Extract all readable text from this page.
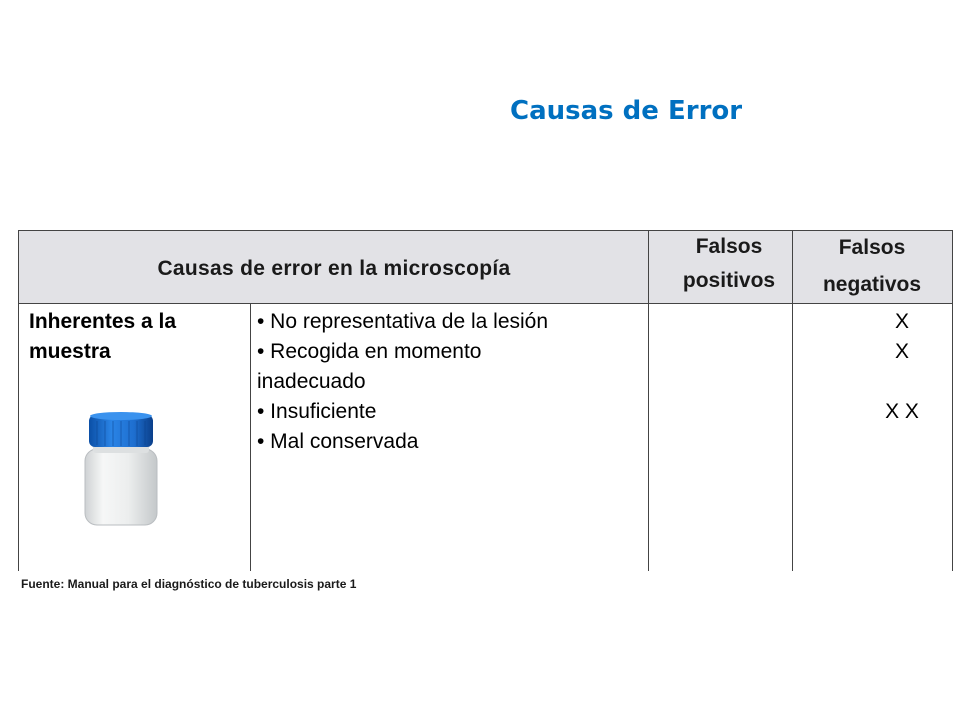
Causas de Error
Causas de error en la microscopía
Falsos
positivos
Falsos
negativos
Inherentes a la
muestra
• No representativa de la lesión
• Recogida en momento
inadecuado
• Insuficiente
• Mal conservada
X
X
X X
Fuente: Manual para el diagnóstico de tuberculosis parte 1
